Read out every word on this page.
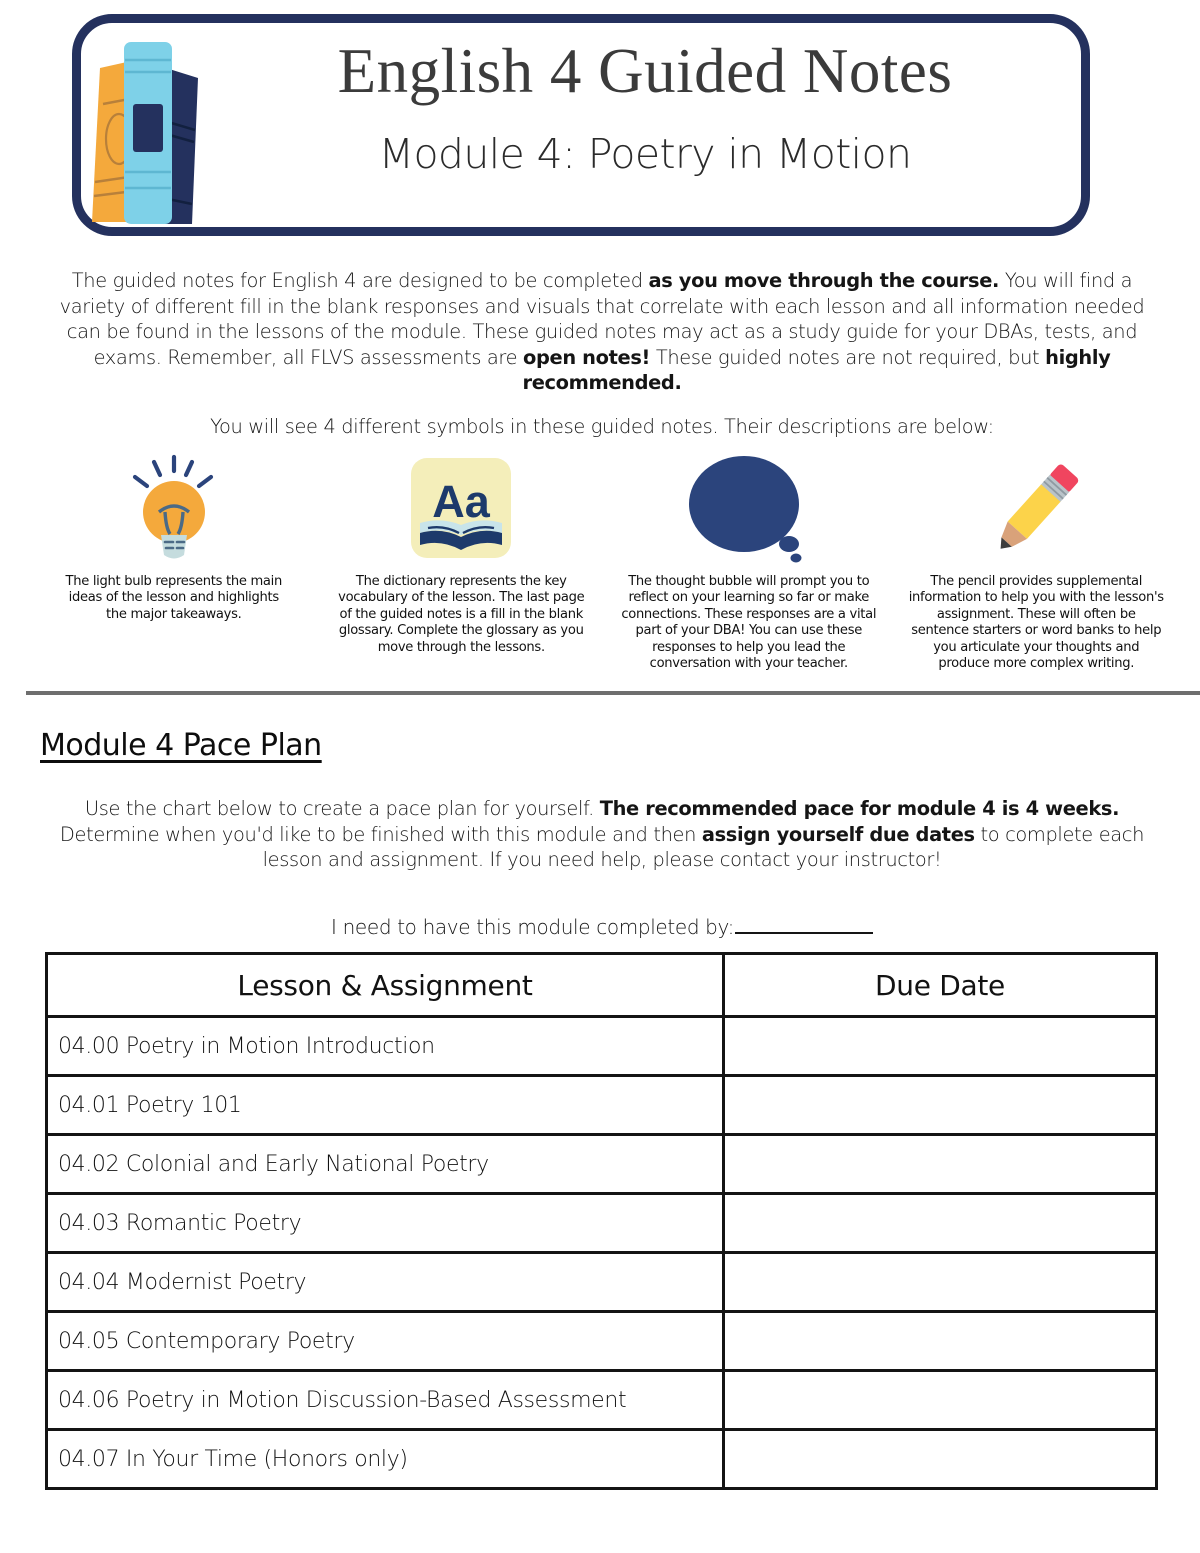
English 4 Guided Notes
Module 4: Poetry in Motion
The guided notes for English 4 are designed to be completed as you move through the course. You will find a variety of different fill in the blank responses and visuals that correlate with each lesson and all information needed can be found in the lessons of the module. These guided notes may act as a study guide for your DBAs, tests, and exams. Remember, all FLVS assessments are open notes! These guided notes are not required, but highly recommended.
You will see 4 different symbols in these guided notes. Their descriptions are below:
The light bulb represents the main ideas of the lesson and highlights the major takeaways.
Aa
The dictionary represents the key vocabulary of the lesson. The last page of the guided notes is a fill in the blank glossary. Complete the glossary as you move through the lessons.
The thought bubble will prompt you to reflect on your learning so far or make connections. These responses are a vital part of your DBA! You can use these responses to help you lead the conversation with your teacher.
The pencil provides supplemental information to help you with the lesson's assignment. These will often be sentence starters or word banks to help you articulate your thoughts and produce more complex writing.
Module 4 Pace Plan
Use the chart below to create a pace plan for yourself. The recommended pace for module 4 is 4 weeks. Determine when you'd like to be finished with this module and then assign yourself due dates to complete each lesson and assignment. If you need help, please contact your instructor!
I need to have this module completed by:
Lesson & Assignment	Due Date
04.00 Poetry in Motion Introduction	
04.01 Poetry 101	
04.02 Colonial and Early National Poetry	
04.03 Romantic Poetry	
04.04 Modernist Poetry	
04.05 Contemporary Poetry	
04.06 Poetry in Motion Discussion-Based Assessment	
04.07 In Your Time (Honors only)	
